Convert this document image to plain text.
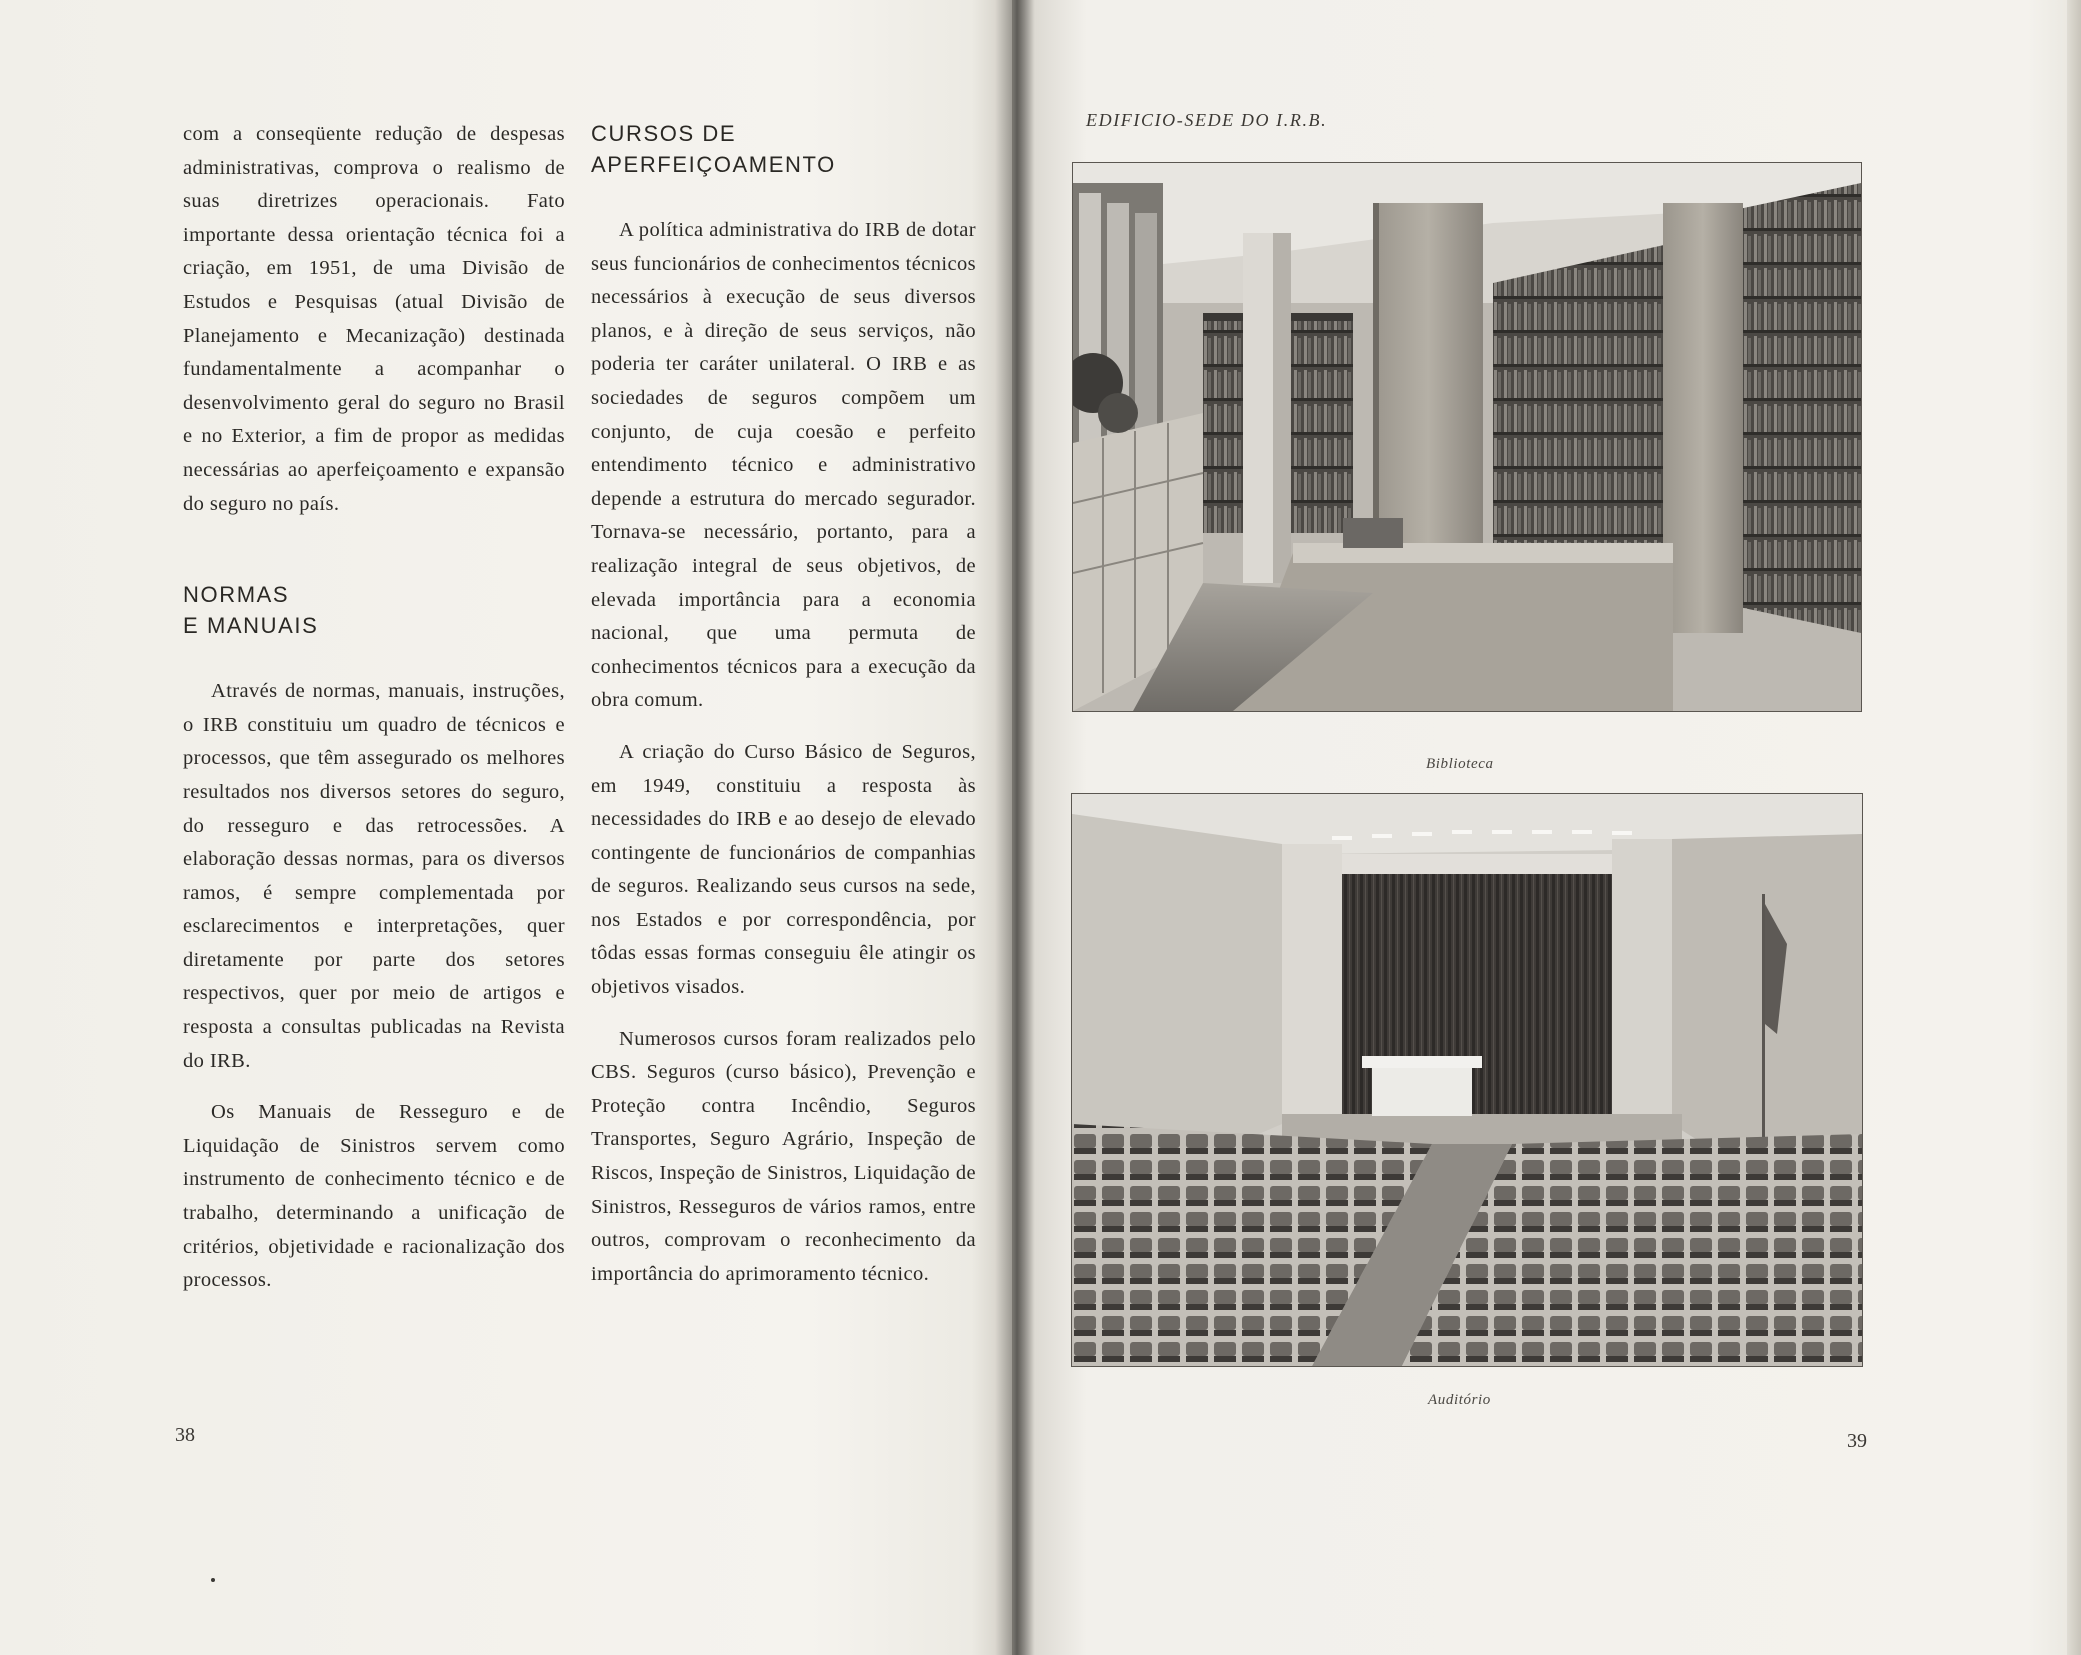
com a conseqüente redução de despesas administrativas, comprova o realismo de suas diretrizes operacionais. Fato importante dessa orientação técnica foi a criação, em 1951, de uma Divisão de Estudos e Pesquisas (atual Divisão de Planejamento e Mecanização) destinada fundamentalmente a acompanhar o desenvolvimento geral do seguro no Brasil e no Exterior, a fim de propor as medidas necessárias ao aperfeiçoamento e expansão do seguro no país.

NORMAS
E MANUAIS

Através de normas, manuais, instruções, o IRB constituiu um quadro de técnicos e processos, que têm assegurado os melhores resultados nos diversos setores do seguro, do resseguro e das retrocessões. A elaboração dessas normas, para os diversos ramos, é sempre complementada por esclarecimentos e interpretações, quer diretamente por parte dos setores respectivos, quer por meio de artigos e resposta a consultas publicadas na Revista do IRB.

Os Manuais de Resseguro e de Liquidação de Sinistros servem como instrumento de conhecimento técnico e de trabalho, determinando a unificação de critérios, objetividade e racionalização dos processos.

CURSOS DE
APERFEIÇOAMENTO

A política administrativa do IRB de dotar seus funcionários de conhecimentos técnicos necessários à execução de seus diversos planos, e à direção de seus serviços, não poderia ter caráter unilateral. O IRB e as sociedades de seguros compõem um conjunto, de cuja coesão e perfeito entendimento técnico e administrativo depende a estrutura do mercado segurador. Tornava-se necessário, portanto, para a realização integral de seus objetivos, de elevada importância para a economia nacional, que uma permuta de conhecimentos técnicos para a execução da obra comum.

A criação do Curso Básico de Seguros, em 1949, constituiu a resposta às necessidades do IRB e ao desejo de elevado contingente de funcionários de companhias de seguros. Realizando seus cursos na sede, nos Estados e por correspondência, por tôdas essas formas conseguiu êle atingir os objetivos visados.

Numerosos cursos foram realizados pelo CBS. Seguros (curso básico), Prevenção e Proteção contra Incêndio, Seguros Transportes, Seguro Agrário, Inspeção de Riscos, Inspeção de Sinistros, Liquidação de Sinistros, Resseguros de vários ramos, entre outros, comprovam o reconhecimento da importância do aprimoramento técnico.

38
EDIFICIO-SEDE DO I.R.B.
Biblioteca
Auditório
39
